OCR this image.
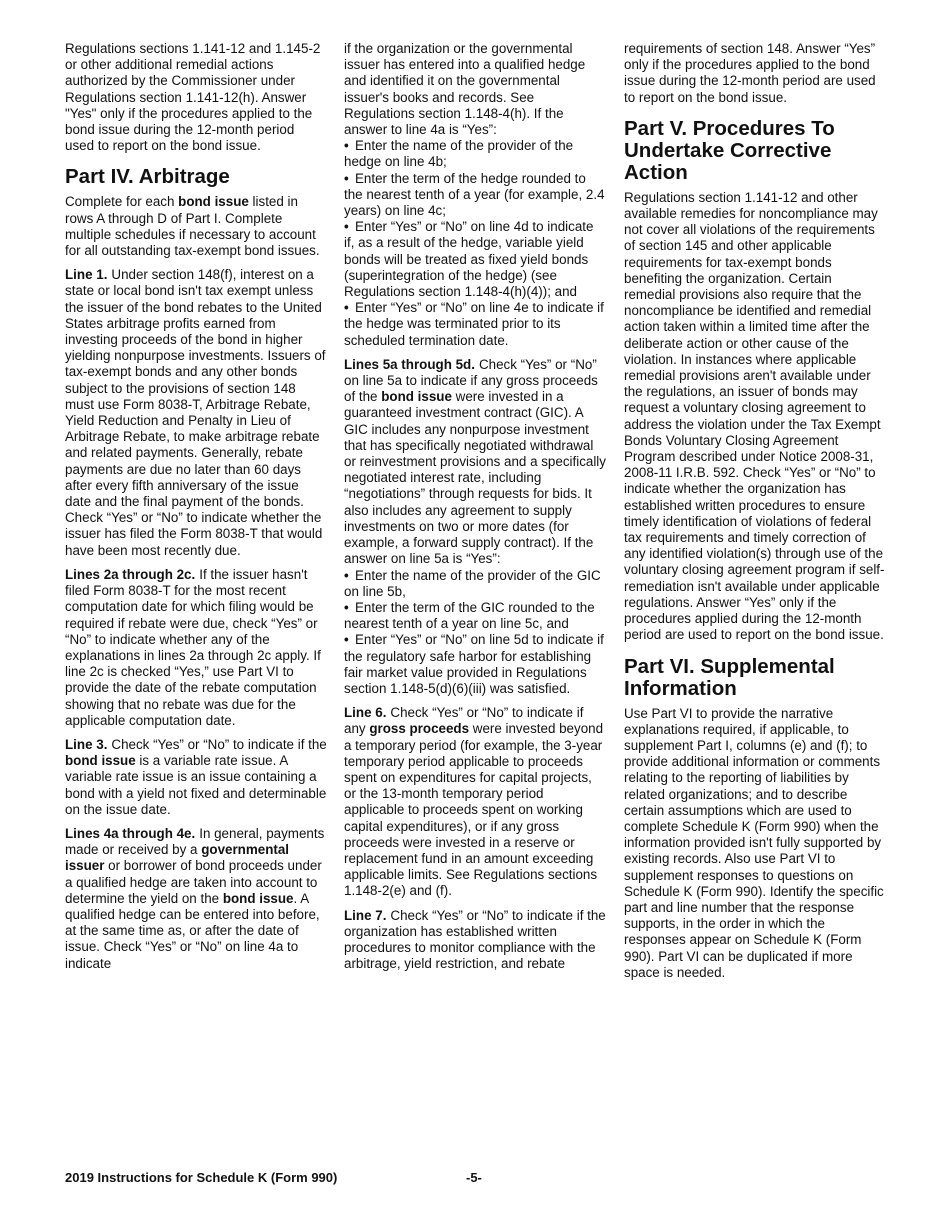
Regulations sections 1.141-12 and 1.145-2 or other additional remedial actions authorized by the Commissioner under Regulations section 1.141-12(h). Answer "Yes" only if the procedures applied to the bond issue during the 12-month period used to report on the bond issue.

Part IV. Arbitrage

Complete for each bond issue listed in rows A through D of Part I. Complete multiple schedules if necessary to account for all outstanding tax-exempt bond issues.

Line 1. Under section 148(f), interest on a state or local bond isn't tax exempt unless the issuer of the bond rebates to the United States arbitrage profits earned from investing proceeds of the bond in higher yielding nonpurpose investments. Issuers of tax-exempt bonds and any other bonds subject to the provisions of section 148 must use Form 8038-T, Arbitrage Rebate, Yield Reduction and Penalty in Lieu of Arbitrage Rebate, to make arbitrage rebate and related payments. Generally, rebate payments are due no later than 60 days after every fifth anniversary of the issue date and the final payment of the bonds. Check “Yes” or “No” to indicate whether the issuer has filed the Form 8038-T that would have been most recently due.

Lines 2a through 2c. If the issuer hasn't filed Form 8038-T for the most recent computation date for which filing would be required if rebate were due, check “Yes” or “No” to indicate whether any of the explanations in lines 2a through 2c apply. If line 2c is checked “Yes,” use Part VI to provide the date of the rebate computation showing that no rebate was due for the applicable computation date.

Line 3. Check “Yes” or “No” to indicate if the bond issue is a variable rate issue. A variable rate issue is an issue containing a bond with a yield not fixed and determinable on the issue date.

Lines 4a through 4e. In general, payments made or received by a governmental issuer or borrower of bond proceeds under a qualified hedge are taken into account to determine the yield on the bond issue. A qualified hedge can be entered into before, at the same time as, or after the date of issue. Check “Yes” or “No” on line 4a to indicate

if the organization or the governmental issuer has entered into a qualified hedge and identified it on the governmental issuer's books and records. See Regulations section 1.148-4(h). If the answer to line 4a is “Yes”:

• Enter the name of the provider of the hedge on line 4b;

• Enter the term of the hedge rounded to the nearest tenth of a year (for example, 2.4 years) on line 4c;

• Enter “Yes” or “No” on line 4d to indicate if, as a result of the hedge, variable yield bonds will be treated as fixed yield bonds (superintegration of the hedge) (see Regulations section 1.148-4(h)(4)); and

• Enter “Yes” or “No” on line 4e to indicate if the hedge was terminated prior to its scheduled termination date.

Lines 5a through 5d. Check “Yes” or “No” on line 5a to indicate if any gross proceeds of the bond issue were invested in a guaranteed investment contract (GIC). A GIC includes any nonpurpose investment that has specifically negotiated withdrawal or reinvestment provisions and a specifically negotiated interest rate, including “negotiations” through requests for bids. It also includes any agreement to supply investments on two or more dates (for example, a forward supply contract). If the answer on line 5a is “Yes”:

• Enter the name of the provider of the GIC on line 5b,

• Enter the term of the GIC rounded to the nearest tenth of a year on line 5c, and

• Enter “Yes” or “No” on line 5d to indicate if the regulatory safe harbor for establishing fair market value provided in Regulations section 1.148-5(d)(6)(iii) was satisfied.

Line 6. Check “Yes” or “No” to indicate if any gross proceeds were invested beyond a temporary period (for example, the 3-year temporary period applicable to proceeds spent on expenditures for capital projects, or the 13-month temporary period applicable to proceeds spent on working capital expenditures), or if any gross proceeds were invested in a reserve or replacement fund in an amount exceeding applicable limits. See Regulations sections 1.148-2(e) and (f).

Line 7. Check “Yes” or “No” to indicate if the organization has established written procedures to monitor compliance with the arbitrage, yield restriction, and rebate

requirements of section 148. Answer “Yes” only if the procedures applied to the bond issue during the 12-month period are used to report on the bond issue.

Part V. Procedures To Undertake Corrective Action

Regulations section 1.141-12 and other available remedies for noncompliance may not cover all violations of the requirements of section 145 and other applicable requirements for tax-exempt bonds benefiting the organization. Certain remedial provisions also require that the noncompliance be identified and remedial action taken within a limited time after the deliberate action or other cause of the violation. In instances where applicable remedial provisions aren't available under the regulations, an issuer of bonds may request a voluntary closing agreement to address the violation under the Tax Exempt Bonds Voluntary Closing Agreement Program described under Notice 2008-31, 2008-11 I.R.B. 592. Check “Yes” or “No” to indicate whether the organization has established written procedures to ensure timely identification of violations of federal tax requirements and timely correction of any identified violation(s) through use of the voluntary closing agreement program if self-remediation isn't available under applicable regulations. Answer “Yes” only if the procedures applied during the 12-month period are used to report on the bond issue.

Part VI. Supplemental Information

Use Part VI to provide the narrative explanations required, if applicable, to supplement Part I, columns (e) and (f); to provide additional information or comments relating to the reporting of liabilities by related organizations; and to describe certain assumptions which are used to complete Schedule K (Form 990) when the information provided isn't fully supported by existing records. Also use Part VI to supplement responses to questions on Schedule K (Form 990). Identify the specific part and line number that the response supports, in the order in which the responses appear on Schedule K (Form 990). Part VI can be duplicated if more space is needed.

2019 Instructions for Schedule K (Form 990)	-5-
